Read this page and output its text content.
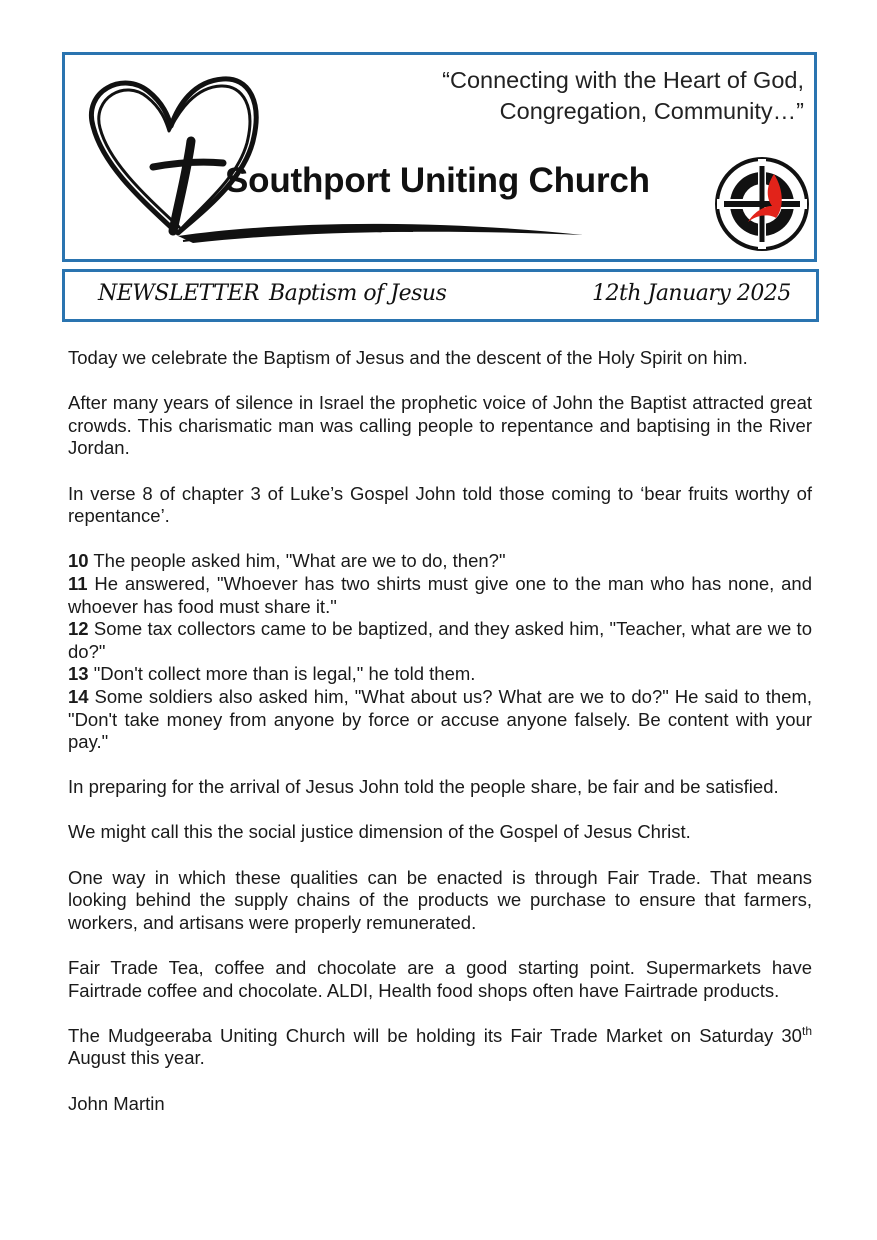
“Connecting with the Heart of God,
Congregation, Community…”
Southport Uniting Church
NEWSLETTER Baptism of Jesus	12th January 2025

Today we celebrate the Baptism of Jesus and the descent of the Holy Spirit on him.

After many years of silence in Israel the prophetic voice of John the Baptist attracted great crowds. This charismatic man was calling people to repentance and baptising in the River Jordan.

In verse 8 of chapter 3 of Luke’s Gospel John told those coming to ‘bear fruits worthy of repentance’.

10 The people asked him, "What are we to do, then?"

11 He answered, "Whoever has two shirts must give one to the man who has none, and whoever has food must share it."

12 Some tax collectors came to be baptized, and they asked him, "Teacher, what are we to do?"

13 "Don't collect more than is legal," he told them.

14 Some soldiers also asked him, "What about us? What are we to do?" He said to them, "Don't take money from anyone by force or accuse anyone falsely. Be content with your pay."

In preparing for the arrival of Jesus John told the people share, be fair and be satisfied.

We might call this the social justice dimension of the Gospel of Jesus Christ.

One way in which these qualities can be enacted is through Fair Trade. That means looking behind the supply chains of the products we purchase to ensure that farmers, workers, and artisans were properly remunerated.

Fair Trade Tea, coffee and chocolate are a good starting point. Supermarkets have Fairtrade coffee and chocolate. ALDI, Health food shops often have Fairtrade products.

The Mudgeeraba Uniting Church will be holding its Fair Trade Market on Saturday 30th August this year.

John Martin
